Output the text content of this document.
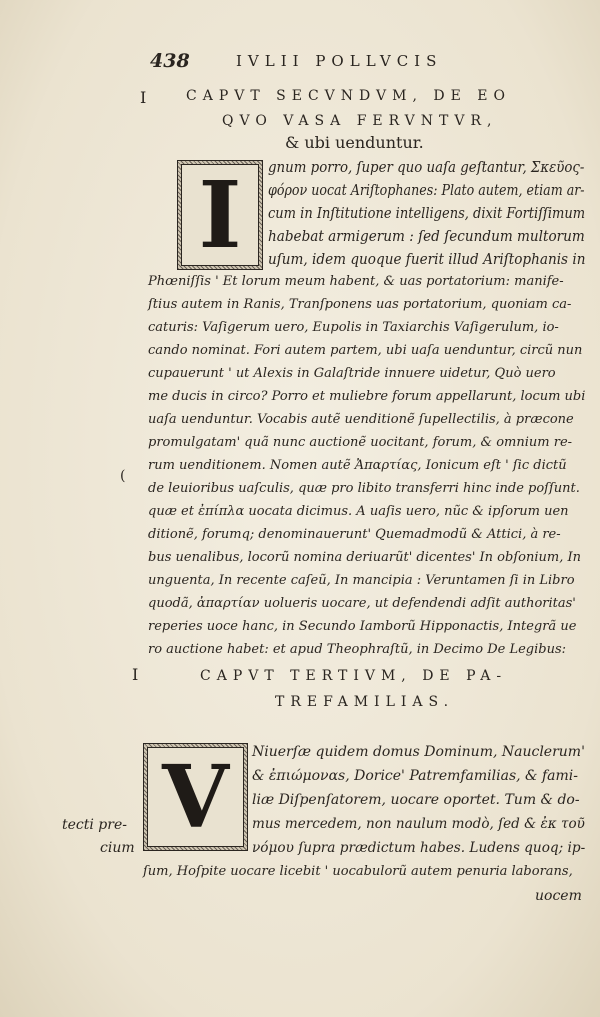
438	IVLII POLLVCIS
I	CAPVT SECVNDVM, DE EO
QVO VASA FERVNTVR,
& ubi uenduntur.
I	gnum porro, ſuper quo uaſa geſtantur, Σκεῦος-
φόρον uocat Ariſtophanes: Plato autem, etiam ar-
cum in Inſtitutione intelligens, dixit Fortiſſimum
habebat armigerum : ſed ſecundum multorum
uſum, idem quoque fuerit illud Ariſtophanis in
Phœniſſis ' Et lorum meum habent, & uas portatorium: manife-
ſtius autem in Ranis, Tranſponens uas portatorium, quoniam ca-
caturis: Vaſigerum uero, Eupolis in Taxiarchis Vaſigerulum, io-
cando nominat. Fori autem partem, ubi uaſa uenduntur, circũ nun
cupauerunt ' ut Alexis in Galaſtride innuere uidetur, Quò uero
me ducis in circo? Porro et muliebre forum appellarunt, locum ubi
uaſa uenduntur. Vocabis autẽ uenditionẽ ſupellectilis, à præcone
promulgatam' quã nunc auctionẽ uocitant, forum, & omnium re-
rum uenditionem. Nomen autẽ Ἀπαρτίας, Ionicum eſt ' ſic dictũ
de leuioribus uaſculis, quæ pro libito transferri hinc inde poſſunt.
quæ et ἐπίπλα uocata dicimus. A uaſis uero, nũc & ipſorum uen
ditionẽ, forumq; denominauerunt' Quemadmodũ & Attici, à re-
bus uenalibus, locorũ nomina deriuarũt' dicentes' In obſonium, In
unguenta, In recente caſeũ, In mancipia : Veruntamen ſi in Libro
quodã, ἀπαρτίαν uolueris uocare, ut defendendi adſit authoritas'
reperies uoce hanc, in Secundo Iamborũ Hipponactis, Integrã ue
ro auctione habet: et apud Theophraſtũ, in Decimo De Legibus:
(
I	CAPVT TERTIVM, DE PA-
TREFAMILIAS.
V	Niuerſæ quidem domus Dominum, Nauclerum'
& ἐπιώμοναs, Dorice' Patremfamilias, & fami-
liæ Diſpenſatorem, uocare oportet. Tum & do-
mus mercedem, non naulum modò, ſed & ἐκ τοῦ
νόμου ſupra prædictum habes. Ludens quoq; ip-
ſum, Hoſpite uocare licebit ' uocabulorũ autem penuria laborans,
uocem
tecti pre-
cium
